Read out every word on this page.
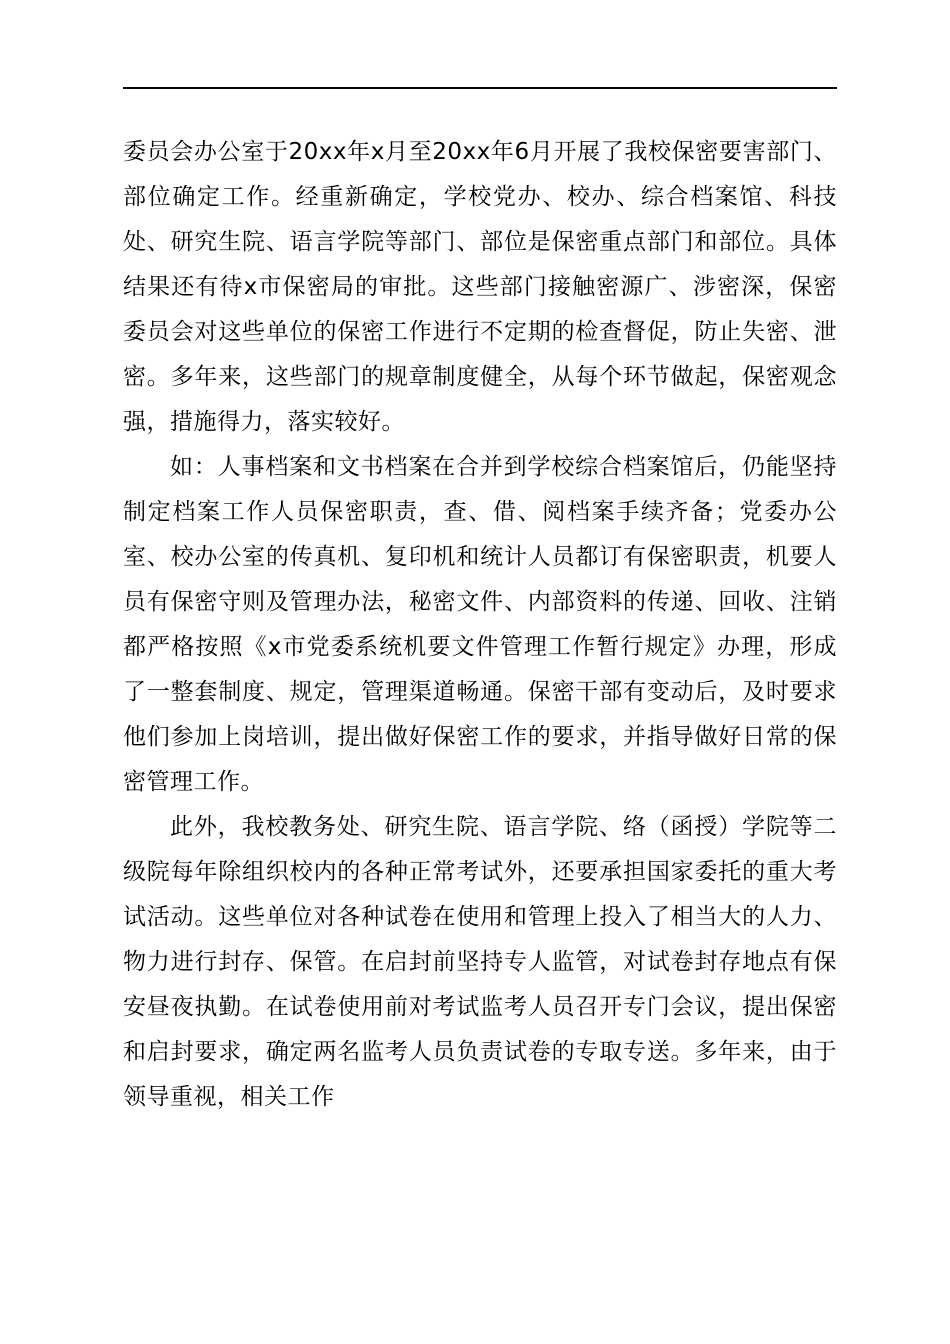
委员会办公室于20xx年x月至20xx年6月开展了我校保密要害部门、部位确定工作。经重新确定，学校党办、校办、综合档案馆、科技处、研究生院、语言学院等部门、部位是保密重点部门和部位。具体结果还有待x市保密局的审批。这些部门接触密源广、涉密深，保密委员会对这些单位的保密工作进行不定期的检查督促，防止失密、泄密。多年来，这些部门的规章制度健全，从每个环节做起，保密观念强，措施得力，落实较好。

如：人事档案和文书档案在合并到学校综合档案馆后，仍能坚持制定档案工作人员保密职责，查、借、阅档案手续齐备；党委办公室、校办公室的传真机、复印机和统计人员都订有保密职责，机要人员有保密守则及管理办法，秘密文件、内部资料的传递、回收、注销都严格按照《x市党委系统机要文件管理工作暂行规定》办理，形成了一整套制度、规定，管理渠道畅通。保密干部有变动后，及时要求他们参加上岗培训，提出做好保密工作的要求，并指导做好日常的保密管理工作。

此外，我校教务处、研究生院、语言学院、络（函授）学院等二级院每年除组织校内的各种正常考试外，还要承担国家委托的重大考试活动。这些单位对各种试卷在使用和管理上投入了相当大的人力、物力进行封存、保管。在启封前坚持专人监管，对试卷封存地点有保安昼夜执勤。在试卷使用前对考试监考人员召开专门会议，提出保密和启封要求，确定两名监考人员负责试卷的专取专送。多年来，由于领导重视，相关工作
